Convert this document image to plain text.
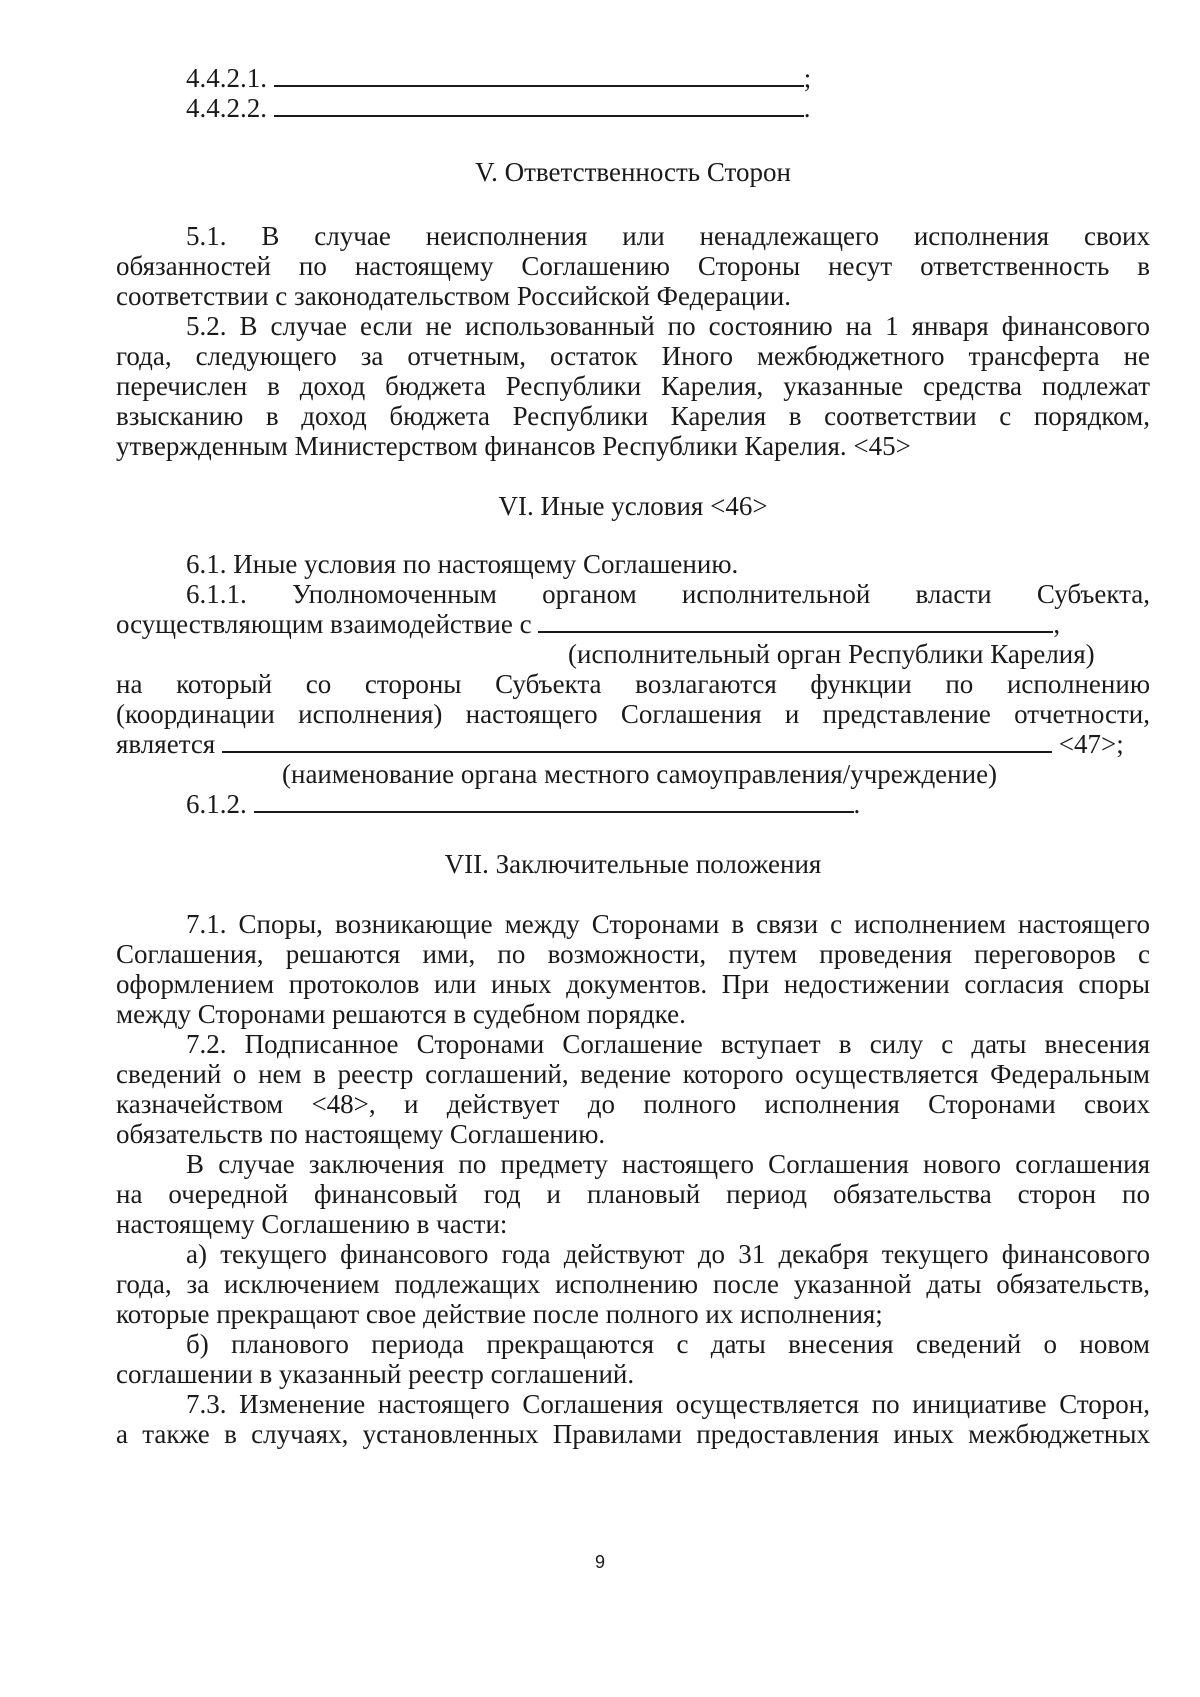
4.4.2.1.	;
4.4.2.2.	.
V. Ответственность Сторон
5.1. В случае неисполнения или ненадлежащего исполнения своих
обязанностей по настоящему Соглашению Стороны несут ответственность в
соответствии с законодательством Российской Федерации.
5.2. В случае если не использованный по состоянию на 1 января финансового
года, следующего за отчетным, остаток Иного межбюджетного трансферта не
перечислен в доход бюджета Республики Карелия, указанные средства подлежат
взысканию в доход бюджета Республики Карелия в соответствии с порядком,
утвержденным Министерством финансов Республики Карелия. <45>
VI. Иные условия <46>
6.1. Иные условия по настоящему Соглашению.
6.1.1. Уполномоченным органом исполнительной власти Субъекта,
осуществляющим взаимодействие с	,
(исполнительный орган Республики Карелия)
на который со стороны Субъекта возлагаются функции по исполнению
(координации исполнения) настоящего Соглашения и представление отчетности,
является	<47>;
(наименование органа местного самоуправления/учреждение)
6.1.2.	.
VII. Заключительные положения
7.1. Споры, возникающие между Сторонами в связи с исполнением настоящего
Соглашения, решаются ими, по возможности, путем проведения переговоров с
оформлением протоколов или иных документов. При недостижении согласия споры
между Сторонами решаются в судебном порядке.
7.2. Подписанное Сторонами Соглашение вступает в силу с даты внесения
сведений о нем в реестр соглашений, ведение которого осуществляется Федеральным
казначейством <48>, и действует до полного исполнения Сторонами своих
обязательств по настоящему Соглашению.
В случае заключения по предмету настоящего Соглашения нового соглашения
на очередной финансовый год и плановый период обязательства сторон по
настоящему Соглашению в части:
а) текущего финансового года действуют до 31 декабря текущего финансового
года, за исключением подлежащих исполнению после указанной даты обязательств,
которые прекращают свое действие после полного их исполнения;
б) планового периода прекращаются с даты внесения сведений о новом
соглашении в указанный реестр соглашений.
7.3. Изменение настоящего Соглашения осуществляется по инициативе Сторон,
а также в случаях, установленных Правилами предоставления иных межбюджетных
9
